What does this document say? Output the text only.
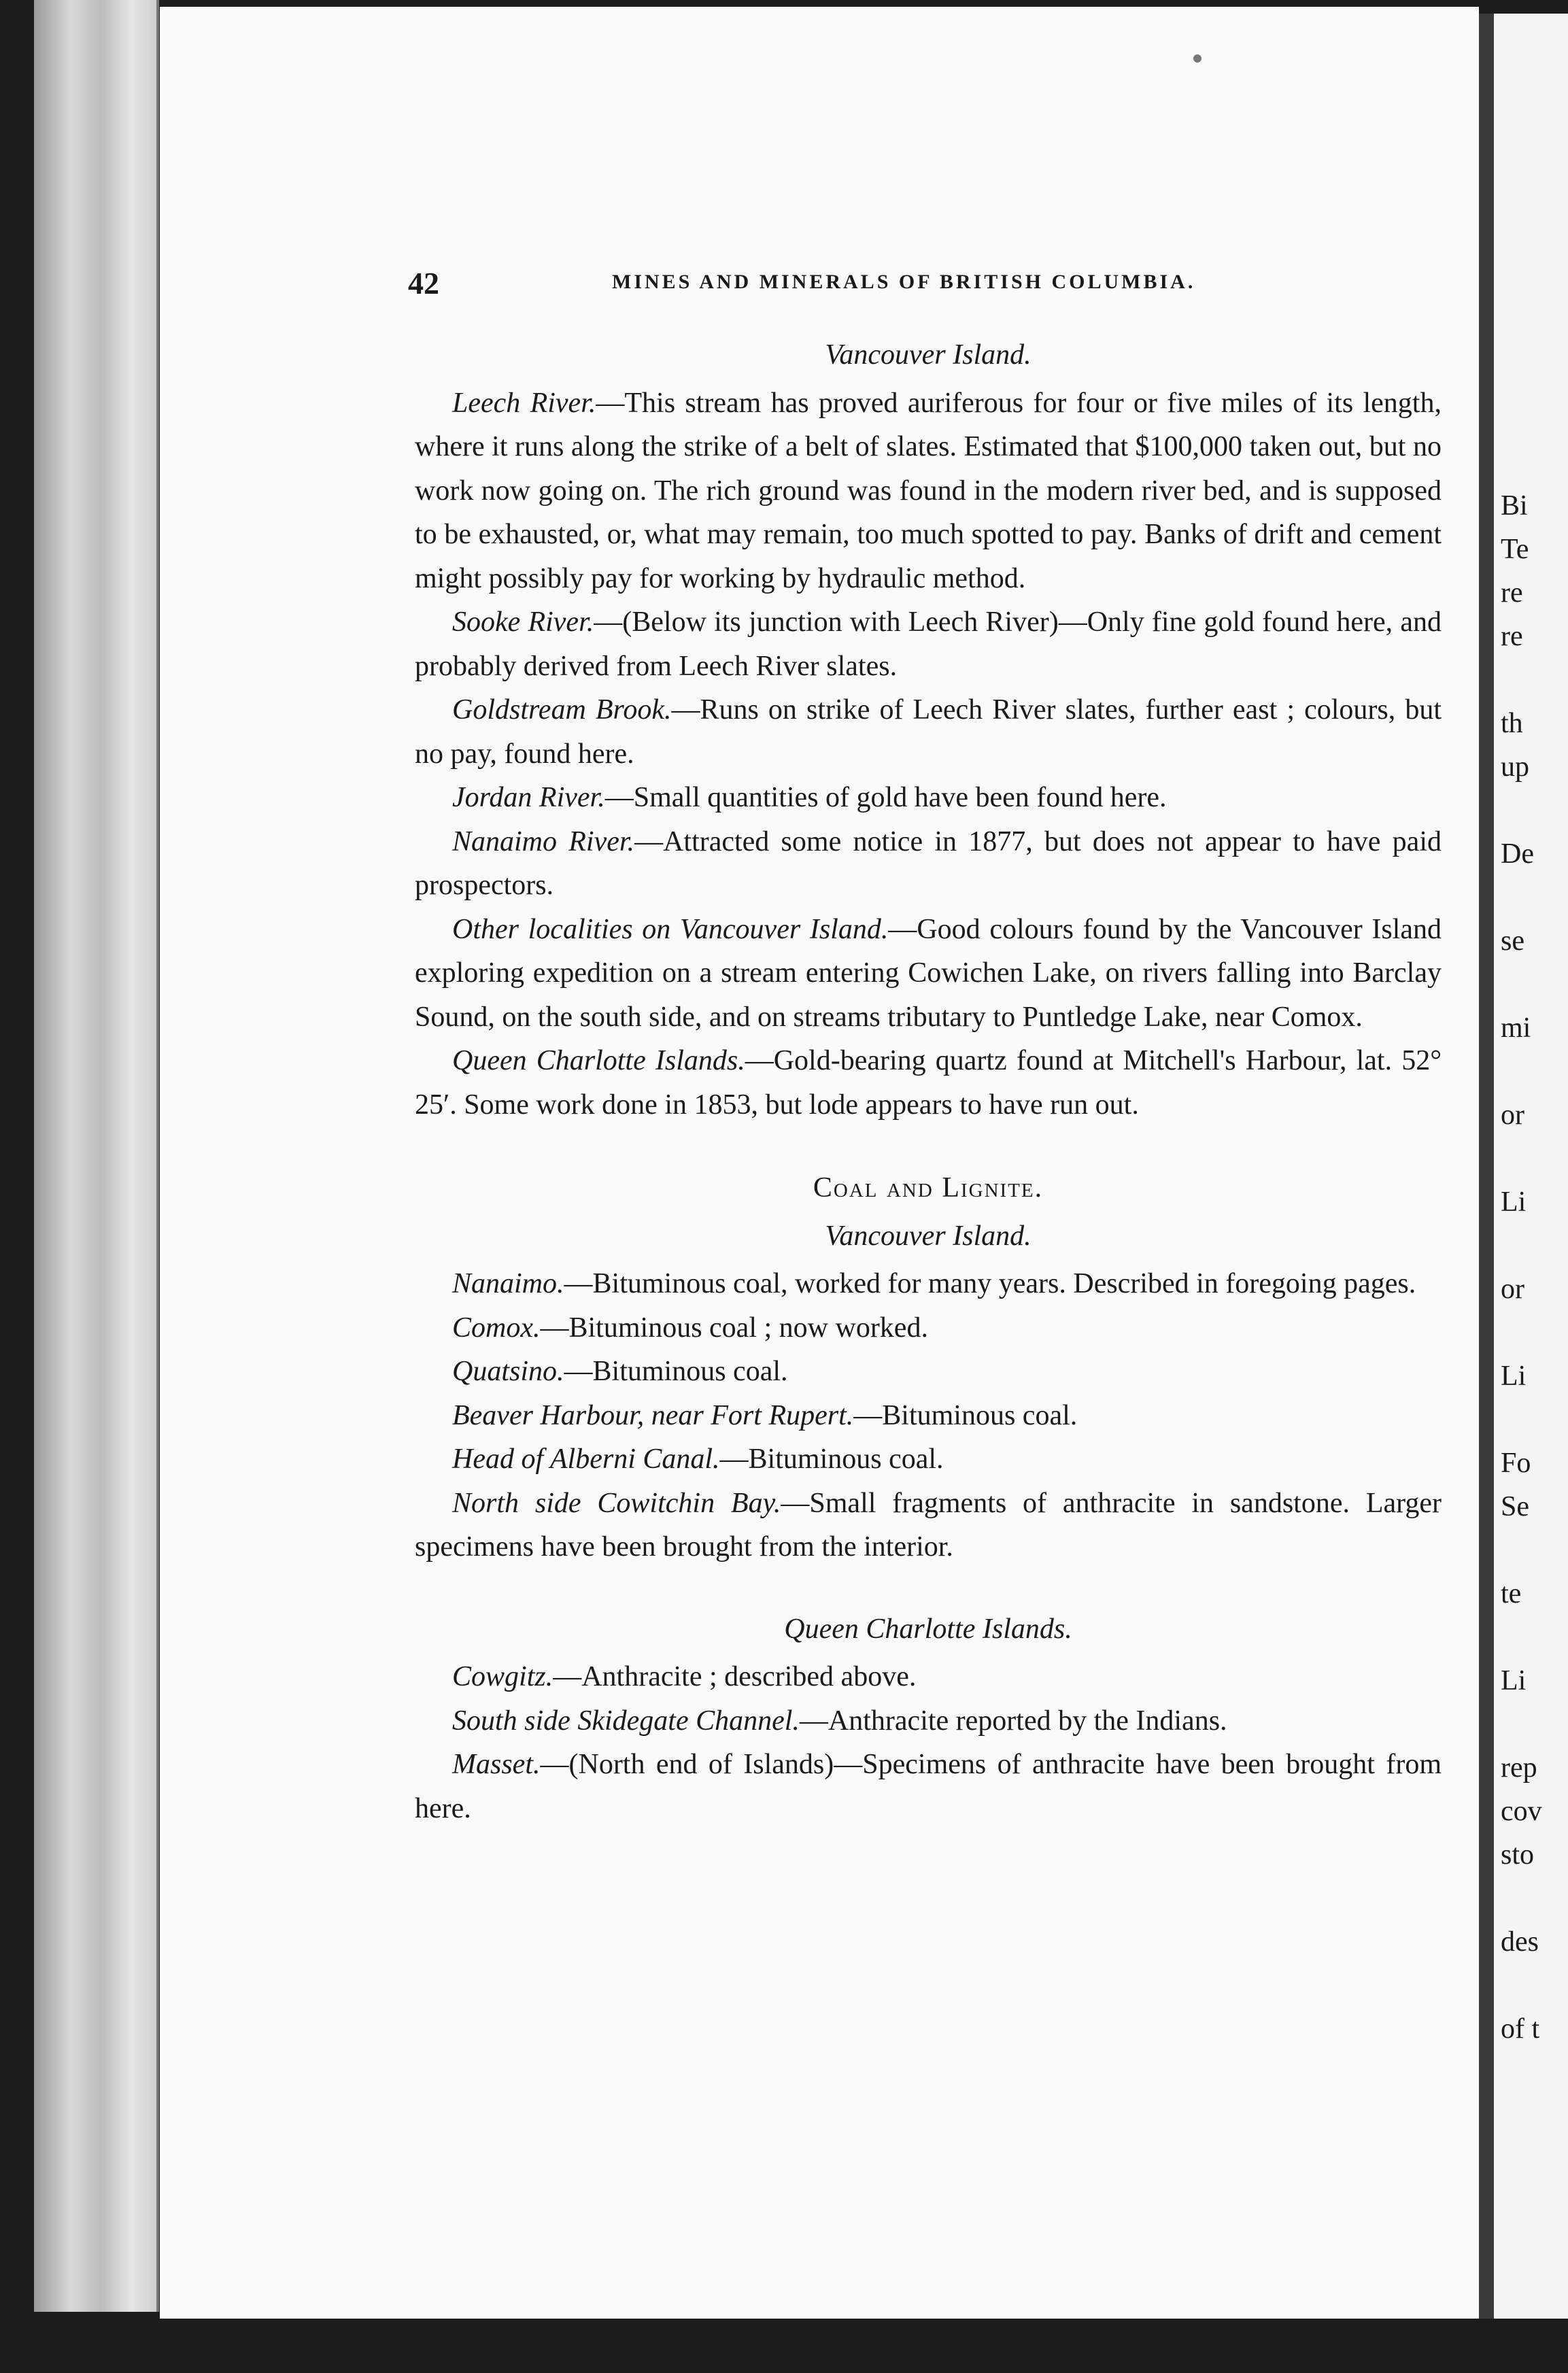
Bi
Te
re
re
th
up
De
se
mi
or
Li
or
Li
Fo
Se
te
Li
rep
cov
sto
des
of t
42	MINES AND MINERALS OF BRITISH COLUMBIA.
Vancouver Island.

Leech River.—This stream has proved auriferous for four or five miles of its length, where it runs along the strike of a belt of slates. Estimated that $100,000 taken out, but no work now going on. The rich ground was found in the modern river bed, and is supposed to be exhausted, or, what may remain, too much spotted to pay. Banks of drift and cement might possibly pay for working by hydraulic method.

Sooke River.—(Below its junction with Leech River)—Only fine gold found here, and probably derived from Leech River slates.

Goldstream Brook.—Runs on strike of Leech River slates, further east ; colours, but no pay, found here.

Jordan River.—Small quantities of gold have been found here.

Nanaimo River.—Attracted some notice in 1877, but does not appear to have paid prospectors.

Other localities on Vancouver Island.—Good colours found by the Vancouver Island exploring expedition on a stream entering Cowichen Lake, on rivers falling into Barclay Sound, on the south side, and on streams tributary to Puntledge Lake, near Comox.

Queen Charlotte Islands.—Gold-bearing quartz found at Mitchell's Harbour, lat. 52° 25′. Some work done in 1853, but lode appears to have run out.

Coal and Lignite.
Vancouver Island.

Nanaimo.—Bituminous coal, worked for many years. Described in foregoing pages.

Comox.—Bituminous coal ; now worked.

Quatsino.—Bituminous coal.

Beaver Harbour, near Fort Rupert.—Bituminous coal.

Head of Alberni Canal.—Bituminous coal.

North side Cowitchin Bay.—Small fragments of anthracite in sandstone. Larger specimens have been brought from the interior.

Queen Charlotte Islands.

Cowgitz.—Anthracite ; described above.

South side Skidegate Channel.—Anthracite reported by the Indians.

Masset.—(North end of Islands)—Specimens of anthracite have been brought from here.
